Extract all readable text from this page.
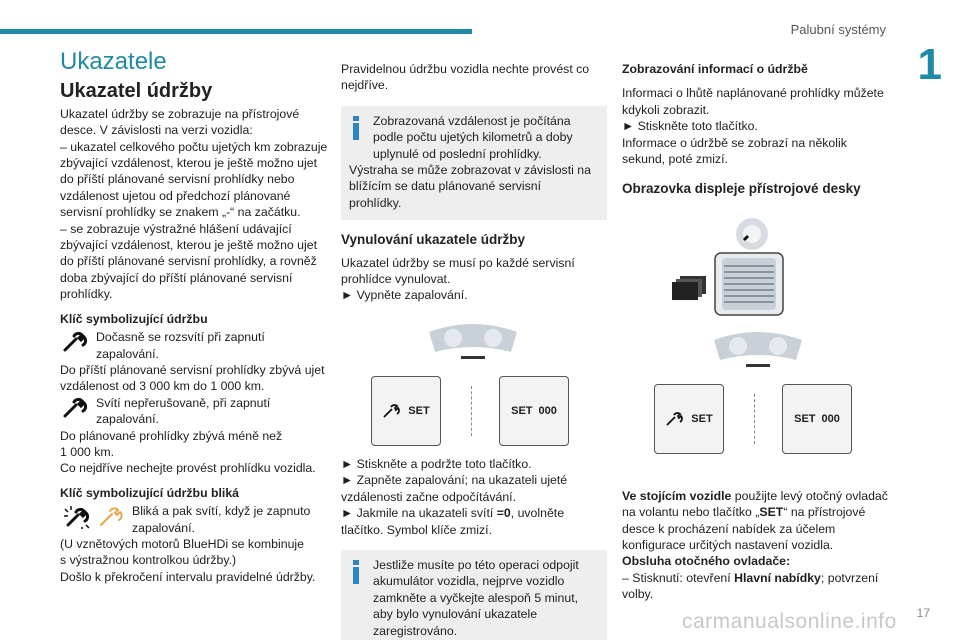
Palubní systémy
1
Ukazatele
Ukazatel údržby

Ukazatel údržby se zobrazuje na přístrojové desce. V závislosti na verzi vozidla:

– ukazatel celkového počtu ujetých km zobrazuje zbývající vzdálenost, kterou je ještě možno ujet do příští plánované servisní prohlídky nebo vzdálenost ujetou od předchozí plánované servisní prohlídky se znakem „-“ na začátku.

– se zobrazuje výstražné hlášení udávající zbývající vzdálenost, kterou je ještě možno ujet do příští plánované servisní prohlídky, a rovněž doba zbývající do příští plánované servisní prohlídky.

Klíč symbolizující údržbu

Dočasně se rozsvítí při zapnutí zapalování.

Do příští plánované servisní prohlídky zbývá ujet vzdálenost od 3 000 km do 1 000 km.

Svítí nepřerušovaně, při zapnutí zapalování.

Do plánované prohlídky zbývá méně než

1 000 km.

Co nejdříve nechejte provést prohlídku vozidla.

Klíč symbolizující údržbu bliká

Bliká a pak svítí, když je zapnuto zapalování.

(U vznětových motorů BlueHDi se kombinuje

s výstražnou kontrolkou údržby.)

Došlo k překročení intervalu pravidelné údržby.

Pravidelnou údržbu vozidla nechte provést co nejdříve.

Zobrazovaná vzdálenost je počítána podle počtu ujetých kilometrů a doby uplynulé od poslední prohlídky.

Výstraha se může zobrazovat v závislosti na blížícím se datu plánované servisní prohlídky.

Vynulování ukazatele údržby

Ukazatel údržby se musí po každé servisní prohlídce vynulovat.

► Vypněte zapalování.

SET	SET 000

► Stiskněte a podržte toto tlačítko.

► Zapněte zapalování; na ukazateli ujeté vzdálenosti začne odpočítávání.

► Jakmile na ukazateli svítí =0, uvolněte tlačítko. Symbol klíče zmizí.

Jestliže musíte po této operaci odpojit akumulátor vozidla, nejprve vozidlo zamkněte a vyčkejte alespoň 5 minut, aby bylo vynulování ukazatele zaregistrováno.

Zobrazování informací o údržbě

Informaci o lhůtě naplánované prohlídky můžete kdykoli zobrazit.

► Stiskněte toto tlačítko.

Informace o údržbě se zobrazí na několik sekund, poté zmizí.

Obrazovka displeje přístrojové desky
SET	SET 000

Ve stojícím vozidle použijte levý otočný ovladač na volantu nebo tlačítko „SET“ na přístrojové desce k procházení nabídek za účelem konfigurace určitých nastavení vozidla.

Obsluha otočného ovladače:

– Stisknutí: otevření Hlavní nabídky; potvrzení volby.

carmanualsonline.info 17
